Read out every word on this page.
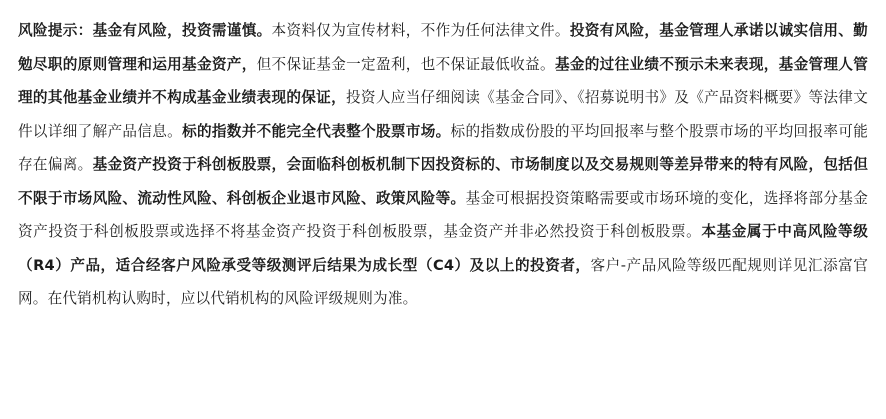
风险提示：基金有风险，投资需谨慎。本资料仅为宣传材料，不作为任何法律文件。投资有风险，基金管理人承诺以诚实信用、勤勉尽职的原则管理和运用基金资产，但不保证基金一定盈利，也不保证最低收益。基金的过往业绩不预示未来表现，基金管理人管理的其他基金业绩并不构成基金业绩表现的保证，投资人应当仔细阅读《基金合同》、《招募说明书》及《产品资料概要》等法律文件以详细了解产品信息。标的指数并不能完全代表整个股票市场。标的指数成份股的平均回报率与整个股票市场的平均回报率可能存在偏离。基金资产投资于科创板股票，会面临科创板机制下因投资标的、市场制度以及交易规则等差异带来的特有风险，包括但不限于市场风险、流动性风险、科创板企业退市风险、政策风险等。基金可根据投资策略需要或市场环境的变化，选择将部分基金资产投资于科创板股票或选择不将基金资产投资于科创板股票，基金资产并非必然投资于科创板股票。本基金属于中高风险等级（R4）产品，适合经客户风险承受等级测评后结果为成长型（C4）及以上的投资者，客户-产品风险等级匹配规则详见汇添富官网。在代销机构认购时，应以代销机构的风险评级规则为准。
